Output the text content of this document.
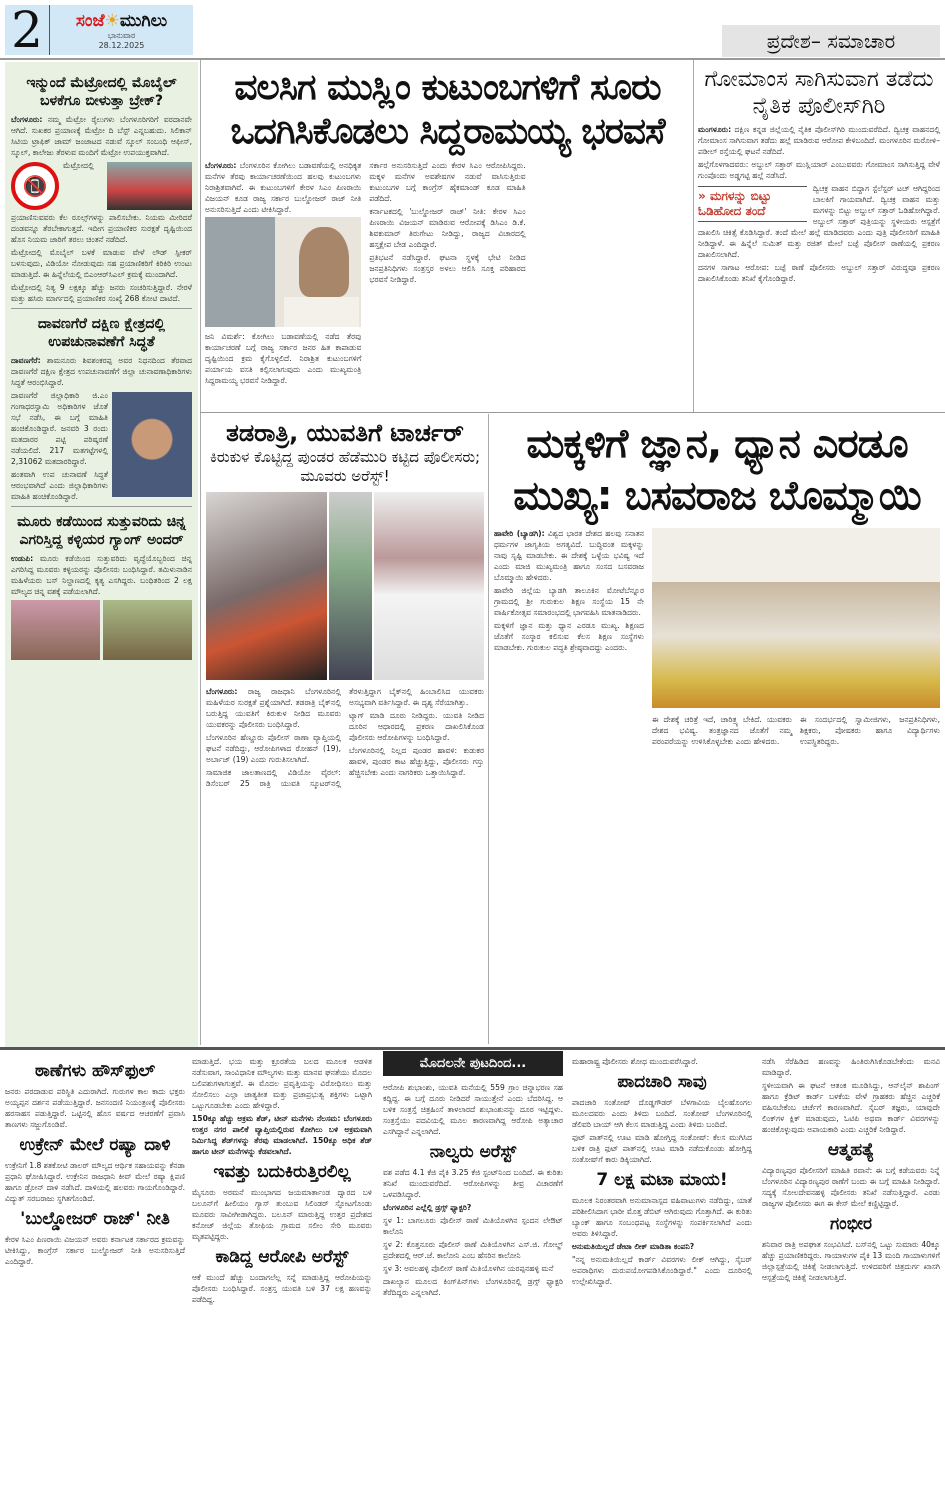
2	ಸಂಜೆ☀ಮುಗಿಲು
ಭಾನುವಾರ
28.12.2025	ಪ್ರದೇಶ– ಸಮಾಚಾರ
ಇನ್ಮುಂದೆ ಮೆಟ್ರೋದಲ್ಲಿ ಮೊಬೈಲ್ ಬಳಕೆಗೂ ಬೀಳುತ್ತಾ ಬ್ರೇಕ್?

ಬೆಂಗಳೂರು: ನಮ್ಮ ಮೆಟ್ರೋ ರೈಲುಗಳು ಬೆಂಗಳೂರಿಗರಿಗೆ ವರದಾನವೇ ಆಗಿದೆ. ಸುಖಕರ ಪ್ರಯಾಣಕ್ಕೆ ಮೆಟ್ರೋ ದಿ ಬೆಸ್ಟ್ ಎನ್ನಬಹುದು. ಸಿಲಿಕಾನ್ ಸಿಟಿಯ ಟ್ರಾಫಿಕ್ ಜಾಮ್ ಜಂಜಾಟದ ನಡುವೆ ಸ್ಕೂಲ್ ಸಂಬಂಧಿ ಆಫೀಸ್, ಸ್ಕೂಲ್, ಕಾಲೇಜು ತೆರಳುವ ಮಂದಿಗೆ ಮೆಟ್ರೋ ಉಪಯುಕ್ತವಾಗಿದೆ.

📵

ಮೆಟ್ರೋದಲ್ಲಿ ಪ್ರಯಾಣಿಸುವವರು ಕೆಲ ರೂಲ್ಸ್‌ಗಳನ್ನು ಪಾಲಿಸಬೇಕು. ನಿಯಮ ಮೀರಿದರೆ ದಂಡವನ್ನೂ ತೆರಬೇಕಾಗುತ್ತದೆ. ಇದೀಗ ಪ್ರಯಾಣಿಕರ ಸುರಕ್ಷತೆ ದೃಷ್ಟಿಯಿಂದ ಹೊಸ ನಿಯಮ ಜಾರಿಗೆ ತರಲು ಚಿಂತನೆ ನಡೆದಿದೆ.

ಮೆಟ್ರೋದಲ್ಲಿ ಮೊಬೈಲ್ ಬಳಕೆ ಮಾಡುವ ವೇಳೆ ಲೌಡ್ ಸ್ಪೀಕರ್ ಬಳಸುವುದು, ವಿಡಿಯೋ ನೋಡುವುದು ಸಹ ಪ್ರಯಾಣಿಕರಿಗೆ ಕಿರಿಕಿರಿ ಉಂಟು ಮಾಡುತ್ತಿದೆ. ಈ ಹಿನ್ನೆಲೆಯಲ್ಲಿ ಬಿಎಂಆರ್‌ಸಿಎಲ್ ಕ್ರಮಕ್ಕೆ ಮುಂದಾಗಿದೆ.

ಮೆಟ್ರೋದಲ್ಲಿ ನಿತ್ಯ 9 ಲಕ್ಷಕ್ಕೂ ಹೆಚ್ಚು ಜನರು ಸಂಚರಿಸುತ್ತಿದ್ದಾರೆ. ನೇರಳೆ ಮತ್ತು ಹಸಿರು ಮಾರ್ಗದಲ್ಲಿ ಪ್ರಯಾಣಿಕರ ಸಂಖ್ಯೆ 268 ಕೋಟಿ ದಾಟಿದೆ.

ದಾವಣಗೆರೆ ದಕ್ಷಿಣ ಕ್ಷೇತ್ರದಲ್ಲಿ ಉಪಚುನಾವಣೆಗೆ ಸಿದ್ಧತೆ

ದಾವಣಗೆರೆ: ಶಾಮನೂರು ಶಿವಶಂಕರಪ್ಪ ಅವರ ನಿಧನದಿಂದ ತೆರವಾದ ದಾವಣಗೆರೆ ದಕ್ಷಿಣ ಕ್ಷೇತ್ರದ ಉಪಚುನಾವಣೆಗೆ ಜಿಲ್ಲಾ ಚುನಾವಣಾಧಿಕಾರಿಗಳು ಸಿದ್ಧತೆ ಆರಂಭಿಸಿದ್ದಾರೆ.

ದಾವಣಗೆರೆ ಜಿಲ್ಲಾಧಿಕಾರಿ ಜಿ.ಎಂ ಗಂಗಾಧರಸ್ವಾಮಿ ಅಧಿಕಾರಿಗಳ ಜೊತೆ ಸಭೆ ನಡೆಸಿ, ಈ ಬಗ್ಗೆ ಮಾಹಿತಿ ಹಂಚಿಕೊಂಡಿದ್ದಾರೆ. ಜನವರಿ 3 ರಂದು ಮತದಾರರ ಪಟ್ಟಿ ಪರಿಷ್ಕರಣೆ ನಡೆಯಲಿದೆ. 217 ಮತಗಟ್ಟೆಗಳಲ್ಲಿ 2,31062 ಮತದಾರರಿದ್ದಾರೆ.

ಹಂತವಾಗಿ ಉಪ ಚುನಾವಣೆ ಸಿದ್ಧತೆ ಆರಂಭವಾಗಿದೆ ಎಂದು ಜಿಲ್ಲಾಧಿಕಾರಿಗಳು ಮಾಹಿತಿ ಹಂಚಿಕೊಂಡಿದ್ದಾರೆ.

ಮೂರು ಕಡೆಯಿಂದ ಸುತ್ತುವರಿದು ಚಿನ್ನ ಎಗರಿಸ್ತಿದ್ದ ಕಳ್ಳಿಯರ ಗ್ಯಾಂಗ್ ಅಂದರ್

ಉಡುಪಿ: ಮೂರು ಕಡೆಯಿಂದ ಸುತ್ತುವರಿದು ವೃದ್ಧೆಯೊಬ್ಬರಿಂದ ಚಿನ್ನ ಎಗರಿಸಿದ್ದ ಮೂವರು ಕಳ್ಳಿಯರನ್ನು ಪೊಲೀಸರು ಬಂಧಿಸಿದ್ದಾರೆ. ತಮಿಳುನಾಡಿನ ಮಹಿಳೆಯರು ಬಸ್ ನಿಲ್ದಾಣದಲ್ಲಿ ಕೃತ್ಯ ಎಸಗಿದ್ದರು. ಬಂಧಿತರಿಂದ 2 ಲಕ್ಷ ಮೌಲ್ಯದ ಚಿನ್ನ ವಶಕ್ಕೆ ಪಡೆಯಲಾಗಿದೆ.

ವಲಸಿಗ ಮುಸ್ಲಿಂ ಕುಟುಂಬಗಳಿಗೆ ಸೂರು
ಒದಗಿಸಿಕೊಡಲು ಸಿದ್ದರಾಮಯ್ಯ ಭರವಸೆ

ಬೆಂಗಳೂರು: ಬೆಂಗಳೂರಿನ ಕೋಗಿಲು ಬಡಾವಣೆಯಲ್ಲಿ ಅನಧಿಕೃತ ಮನೆಗಳ ತೆರವು ಕಾರ್ಯಾಚರಣೆಯಿಂದ ಹಲವು ಕುಟುಂಬಗಳು ನಿರಾಶ್ರಿತವಾಗಿವೆ. ಈ ಕುಟುಂಬಗಳಿಗೆ ಕೇರಳ ಸಿಎಂ ಪಿಣರಾಯಿ ವಿಜಯನ್ ಕೂಡ ರಾಜ್ಯ ಸರ್ಕಾರ ಬುಲ್ಡೋಜರ್ ರಾಜ್ ನೀತಿ ಅನುಸರಿಸುತ್ತಿದೆ ಎಂದು ಟೀಕಿಸಿದ್ದಾರೆ.

ಜನಿ ವಿಮರ್ಶೆ: ಕೋಗಿಲು ಬಡಾವಣೆಯಲ್ಲಿ ನಡೆದ ತೆರವು ಕಾರ್ಯಾಚರಣೆ ಬಗ್ಗೆ ರಾಜ್ಯ ಸರ್ಕಾರ ಜನರ ಹಿತ ಕಾಪಾಡುವ ದೃಷ್ಟಿಯಿಂದ ಕ್ರಮ ಕೈಗೊಳ್ಳಲಿದೆ. ನಿರಾಶ್ರಿತ ಕುಟುಂಬಗಳಿಗೆ ಪರ್ಯಾಯ ವಸತಿ ಕಲ್ಪಿಸಲಾಗುವುದು ಎಂದು ಮುಖ್ಯಮಂತ್ರಿ ಸಿದ್ದರಾಮಯ್ಯ ಭರವಸೆ ನೀಡಿದ್ದಾರೆ.

ಸರ್ಕಾರ ಅನುಸರಿಸುತ್ತಿದೆ ಎಂದು ಕೇರಳ ಸಿಎಂ ಆರೋಪಿಸಿದ್ದರು. ಮಕ್ಕಳ ಮನೆಗಳ ಅವಶೇಷಗಳ ನಡುವೆ ವಾಸಿಸುತ್ತಿರುವ ಕುಟುಂಬಗಳ ಬಗ್ಗೆ ಕಾಂಗ್ರೆಸ್ ಹೈಕಮಾಂಡ್ ಕೂಡ ಮಾಹಿತಿ ಪಡೆದಿದೆ.

ಕರ್ನಾಟಕದಲ್ಲಿ 'ಬುಲ್ಡೋಜರ್ ರಾಜ್' ನೀತಿ: ಕೇರಳ ಸಿಎಂ ಪಿಣರಾಯಿ ವಿಜಯನ್ ಮಾಡಿರುವ ಆರೋಪಕ್ಕೆ ಡಿಸಿಎಂ ಡಿ.ಕೆ. ಶಿವಕುಮಾರ್ ತಿರುಗೇಟು ನೀಡಿದ್ದು, ರಾಜ್ಯದ ವಿಚಾರದಲ್ಲಿ ಹಸ್ತಕ್ಷೇಪ ಬೇಡ ಎಂದಿದ್ದಾರೆ.

ಪ್ರತಿಭಟನೆ ನಡೆಸಿದ್ದಾರೆ. ಘಟನಾ ಸ್ಥಳಕ್ಕೆ ಭೇಟಿ ನೀಡಿದ ಜನಪ್ರತಿನಿಧಿಗಳು ಸಂತ್ರಸ್ತರ ಅಳಲು ಆಲಿಸಿ ಸೂಕ್ತ ಪರಿಹಾರದ ಭರವಸೆ ನೀಡಿದ್ದಾರೆ.

ಗೋಮಾಂಸ ಸಾಗಿಸುವಾಗ ತಡೆದು ನೈತಿಕ ಪೊಲೀಸ್‌ಗಿರಿ

ಮಂಗಳೂರು: ದಕ್ಷಿಣ ಕನ್ನಡ ಜಿಲ್ಲೆಯಲ್ಲಿ ನೈತಿಕ ಪೊಲೀಸ್‌ಗಿರಿ ಮುಂದುವರೆದಿದೆ. ದ್ವಿಚಕ್ರ ವಾಹನದಲ್ಲಿ ಗೋಮಾಂಸ ಸಾಗಿಸುವಾಗ ತಡೆದು ಹಲ್ಲೆ ಮಾಡಿರುವ ಆರೋಪ ಕೇಳಿಬಂದಿದೆ. ಮಂಗಳೂರಿನ ಮರೋಳಿ–ಪಡೀಲ್ ರಸ್ತೆಯಲ್ಲಿ ಘಟನೆ ನಡೆದಿದೆ.

ಹಲ್ಲೆಗೊಳಗಾದವರು: ಅಬ್ದುಲ್ ಸತ್ತಾರ್ ಮುಸ್ಲಿಯಾರ್ ಎಂಬುವವರು ಗೋಮಾಂಸ ಸಾಗಿಸುತ್ತಿದ್ದ ವೇಳೆ ಗುಂಪೊಂದು ಅಡ್ಡಗಟ್ಟಿ ಹಲ್ಲೆ ನಡೆಸಿದೆ.

» ಮಗಳನ್ನು ಬಿಟ್ಟು ಓಡಿಹೋದ ತಂದೆ

ದ್ವಿಚಕ್ರ ವಾಹನ ಬಿದ್ದಾಗ ಸ್ಟೆಲೆಸ್ಟರ್ ಟಚ್ ಆಗಿದ್ದರಿಂದ ಬಾಲಕಿಗೆ ಗಾಯವಾಗಿದೆ. ದ್ವಿಚಕ್ರ ವಾಹನ ಮತ್ತು ಮಗಳನ್ನು ಬಿಟ್ಟು ಅಬ್ದುಲ್ ಸತ್ತಾರ್ ಓಡಿಹೋಗಿದ್ದಾರೆ. ಅಬ್ದುಲ್ ಸತ್ತಾರ್ ಪುತ್ರಿಯನ್ನು ಸ್ಥಳೀಯರು ಆಸ್ಪತ್ರೆಗೆ ದಾಖಲಿಸಿ ಚಿಕಿತ್ಸೆ ಕೊಡಿಸಿದ್ದಾರೆ. ತಂದೆ ಮೇಲೆ ಹಲ್ಲೆ ಮಾಡಿದವರು ಎಂದು ಪುತ್ರಿ ಪೊಲೀಸರಿಗೆ ಮಾಹಿತಿ ನೀಡಿದ್ದಾಳೆ. ಈ ಹಿನ್ನೆಲೆ ಸುಮಿತ್ ಮತ್ತು ರಜಿತ್ ಮೇಲೆ ಬಜ್ಪೆ ಪೊಲೀಸ್ ಠಾಣೆಯಲ್ಲಿ ಪ್ರಕರಣ ದಾಖಲಿಸಲಾಗಿದೆ.

ದನಗಳ ಸಾಗಾಟ ಆರೋಪ: ಬಜ್ಪೆ ಠಾಣೆ ಪೊಲೀಸರು ಅಬ್ದುಲ್ ಸತ್ತಾರ್ ವಿರುದ್ಧವೂ ಪ್ರಕರಣ ದಾಖಲಿಸಿಕೊಂಡು ತನಿಖೆ ಕೈಗೊಂಡಿದ್ದಾರೆ.

ತಡರಾತ್ರಿ, ಯುವತಿಗೆ ಟಾರ್ಚರ್
ಕಿರುಕುಳ ಕೊಟ್ಟಿದ್ದ ಪುಂಡರ ಹೆಡೆಮುರಿ ಕಟ್ಟಿದ ಪೊಲೀಸರು; ಮೂವರು ಅರೆಸ್ಟ್!

ಬೆಂಗಳೂರು: ರಾಜ್ಯ ರಾಜಧಾನಿ ಬೆಂಗಳೂರಿನಲ್ಲಿ ಮಹಿಳೆಯರ ಸುರಕ್ಷತೆ ಪ್ರಶ್ನೆಯಾಗಿದೆ. ತಡರಾತ್ರಿ ಬೈಕ್‌ನಲ್ಲಿ ಬರುತ್ತಿದ್ದ ಯುವತಿಗೆ ಕಿರುಕುಳ ನೀಡಿದ ಮೂವರು ಯುವಕರನ್ನು ಪೊಲೀಸರು ಬಂಧಿಸಿದ್ದಾರೆ.

ಬೆಂಗಳೂರಿನ ಹೆಣ್ಣೂರು ಪೊಲೀಸ್ ಠಾಣಾ ವ್ಯಾಪ್ತಿಯಲ್ಲಿ ಘಟನೆ ನಡೆದಿದ್ದು, ಆರೋಪಿಗಳಾದ ರೋಹನ್ (19), ಅರ್ಬಾಜ್ (19) ಎಂದು ಗುರುತಿಸಲಾಗಿದೆ.

ಸಾಮಾಜಿಕ ಜಾಲತಾಣದಲ್ಲಿ ವಿಡಿಯೋ ವೈರಲ್: ಡಿಸೆಂಬರ್ 25 ರಾತ್ರಿ ಯುವತಿ ಸ್ಕೂಟರ್‌ನಲ್ಲಿ ತೆರಳುತ್ತಿದ್ದಾಗ ಬೈಕ್‌ನಲ್ಲಿ ಹಿಂಬಾಲಿಸಿದ ಯುವಕರು ಅಸಭ್ಯವಾಗಿ ವರ್ತಿಸಿದ್ದಾರೆ. ಈ ದೃಶ್ಯ ಸೆರೆಯಾಗಿತ್ತು.

ಟ್ಯಾಗ್ ಮಾಡಿ ದೂರು ನೀಡಿದ್ದರು. ಯುವತಿ ನೀಡಿದ ದೂರಿನ ಆಧಾರದಲ್ಲಿ ಪ್ರಕರಣ ದಾಖಲಿಸಿಕೊಂಡ ಪೊಲೀಸರು ಆರೋಪಿಗಳನ್ನು ಬಂಧಿಸಿದ್ದಾರೆ.

ಬೆಂಗಳೂರಿನಲ್ಲಿ ನಿಲ್ಲದ ಪುಂಡರ ಹಾವಳಿ: ಕುಡುಕರ ಹಾವಳಿ, ಪುಂಡರ ಕಾಟ ಹೆಚ್ಚುತ್ತಿದ್ದು, ಪೊಲೀಸರು ಗಸ್ತು ಹೆಚ್ಚಿಸಬೇಕು ಎಂದು ನಾಗರಿಕರು ಒತ್ತಾಯಿಸಿದ್ದಾರೆ.

ಮಕ್ಕಳಿಗೆ ಜ್ಞಾನ, ಧ್ಯಾನ ಎರಡೂ
ಮುಖ್ಯ: ಬಸವರಾಜ ಬೊಮ್ಮಾಯಿ

ಹಾವೇರಿ (ಬ್ಯಾಡಗಿ): ವಿಶ್ವದ ಭಾರತ ದೇಶದ ಹಲವು ಸನಾತನ ಧರ್ಮಗಳ ಜಾಗೃತಿಯ ಅಗತ್ಯವಿದೆ. ಬುದ್ಧಿವಂತ ಮಕ್ಕಳನ್ನು ನಾವು ಸೃಷ್ಟಿ ಮಾಡಬೇಕು. ಈ ದೇಶಕ್ಕೆ ಒಳ್ಳೆಯ ಭವಿಷ್ಯ ಇದೆ ಎಂದು ಮಾಜಿ ಮುಖ್ಯಮಂತ್ರಿ ಹಾಗೂ ಸಂಸದ ಬಸವರಾಜ ಬೊಮ್ಮಾಯಿ ಹೇಳಿದರು.

ಹಾವೇರಿ ಜಿಲ್ಲೆಯ ಬ್ಯಾಡಗಿ ತಾಲೂಕಿನ ಮೋಟೆಬೆನ್ನೂರ ಗ್ರಾಮದಲ್ಲಿ ಶ್ರೀ ಗುರುಕುಲ ಶಿಕ್ಷಣ ಸಂಸ್ಥೆಯ 15 ನೇ ವಾರ್ಷಿಕೋತ್ಸವ ಸಮಾರಂಭದಲ್ಲಿ ಭಾಗವಹಿಸಿ ಮಾತನಾಡಿದರು.

ಮಕ್ಕಳಿಗೆ ಜ್ಞಾನ ಮತ್ತು ಧ್ಯಾನ ಎರಡೂ ಮುಖ್ಯ. ಶಿಕ್ಷಣದ ಜೊತೆಗೆ ಸಂಸ್ಕಾರ ಕಲಿಸುವ ಕೆಲಸ ಶಿಕ್ಷಣ ಸಂಸ್ಥೆಗಳು ಮಾಡಬೇಕು. ಗುರುಕುಲ ಪದ್ಧತಿ ಶ್ರೇಷ್ಠವಾದದ್ದು ಎಂದರು.

ಈ ದೇಶಕ್ಕೆ ಚರಿತ್ರೆ ಇದೆ, ಚಾರಿತ್ರ್ಯ ಬೇಕಿದೆ. ಯುವಕರು ದೇಶದ ಭವಿಷ್ಯ. ತಂತ್ರಜ್ಞಾನದ ಜೊತೆಗೆ ನಮ್ಮ ಪರಂಪರೆಯನ್ನು ಉಳಿಸಿಕೊಳ್ಳಬೇಕು ಎಂದು ಹೇಳಿದರು.

ಈ ಸಂದರ್ಭದಲ್ಲಿ ಸ್ವಾಮೀಜಿಗಳು, ಜನಪ್ರತಿನಿಧಿಗಳು, ಶಿಕ್ಷಕರು, ಪೋಷಕರು ಹಾಗೂ ವಿದ್ಯಾರ್ಥಿಗಳು ಉಪಸ್ಥಿತರಿದ್ದರು.

ಠಾಣೆಗಳು ಹೌಸ್‌ಫುಲ್

ಜನರು ಪರದಾಡುವ ಪರಿಸ್ಥಿತಿ ಎದುರಾಗಿದೆ. ಗುರುಗಳ ಕಾಲ ಕಾದು ಭಕ್ತರು ಅಯ್ಯಪ್ಪನ ದರ್ಶನ ಪಡೆಯುತ್ತಿದ್ದಾರೆ. ಜನಸಂದಣಿ ನಿಯಂತ್ರಣಕ್ಕೆ ಪೊಲೀಸರು ಹರಸಾಹಸ ಪಡುತ್ತಿದ್ದಾರೆ. ಒಟ್ಟಿನಲ್ಲಿ ಹೊಸ ವರ್ಷದ ಆಚರಣೆಗೆ ಪ್ರವಾಸಿ ತಾಣಗಳು ಸಜ್ಜುಗೊಂಡಿವೆ.

ಉಕ್ರೇನ್ ಮೇಲೆ ರಷ್ಯಾ ದಾಳಿ

ಉಕ್ರೇನಿಗೆ 1.8 ಶತಕೋಟಿ ಡಾಲರ್ ಮೌಲ್ಯದ ಆರ್ಥಿಕ ಸಹಾಯವನ್ನು ಕೆನಡಾ ಪ್ರಧಾನಿ ಘೋಷಿಸಿದ್ದಾರೆ. ಉಕ್ರೇನಿನ ರಾಜಧಾನಿ ಕೀವ್ ಮೇಲೆ ರಷ್ಯಾ ಕ್ಷಿಪಣಿ ಹಾಗೂ ಡ್ರೋನ್ ದಾಳಿ ನಡೆಸಿದೆ. ದಾಳಿಯಲ್ಲಿ ಹಲವರು ಗಾಯಗೊಂಡಿದ್ದಾರೆ. ವಿದ್ಯುತ್ ಸರಬರಾಜು ಸ್ಥಗಿತಗೊಂಡಿದೆ.

'ಬುಲ್ಡೋಜರ್ ರಾಜ್' ನೀತಿ

ಕೇರಳ ಸಿಎಂ ಪಿಣರಾಯಿ ವಿಜಯನ್ ಅವರು ಕರ್ನಾಟಕ ಸರ್ಕಾರದ ಕ್ರಮವನ್ನು ಟೀಕಿಸಿದ್ದು, ಕಾಂಗ್ರೆಸ್ ಸರ್ಕಾರ ಬುಲ್ಡೋಜರ್ ನೀತಿ ಅನುಸರಿಸುತ್ತಿದೆ ಎಂದಿದ್ದಾರೆ.

ಮಾಡುತ್ತಿದೆ. ಭಯ ಮತ್ತು ಕ್ರೂರತೆಯ ಬಲದ ಮೂಲಕ ಆಡಳಿತ ನಡೆಸುವಾಗ, ಸಾಂವಿಧಾನಿಕ ಮೌಲ್ಯಗಳು ಮತ್ತು ಮಾನವ ಘನತೆಯು ಮೊದಲ ಬಲಿಪಶುಗಳಾಗುತ್ತವೆ. ಈ ಮೊದಲ ಪ್ರವೃತ್ತಿಯನ್ನು ವಿರೋಧಿಸಲು ಮತ್ತು ಸೋಲಿಸಲು ಎಲ್ಲಾ ಜಾತ್ಯತೀತ ಮತ್ತು ಪ್ರಜಾಪ್ರಭುತ್ವ ಶಕ್ತಿಗಳು ಒಟ್ಟಾಗಿ ಒಟ್ಟುಗೂಡಬೇಕು ಎಂದು ಹೇಳಿದ್ದಾರೆ.

150ಕ್ಕೂ ಹೆಚ್ಚು ಅಕ್ರಮ ಶೆಡ್, ಟೀನ್ ಮನೆಗಳು ನೆಲಸಮ: ಬೆಂಗಳೂರು ಉತ್ತರ ನಗರ ಪಾಲಿಕೆ ವ್ಯಾಪ್ತಿಯಲ್ಲಿರುವ ಕೋಗಿಲು ಬಳಿ ಅಕ್ರಮವಾಗಿ ನಿರ್ಮಿಸಿದ್ದ ಶೆಡ್‌ಗಳನ್ನು ತೆರವು ಮಾಡಲಾಗಿದೆ. 150ಕ್ಕೂ ಅಧಿಕ ಶೆಡ್ ಹಾಗೂ ಟೀನ್ ಮನೆಗಳನ್ನು ಕೆಡವಲಾಗಿದೆ.

ಇವತ್ತು ಬದುಕಿರುತ್ತಿರಲಿಲ್ಲ

ಮೈಸೂರು ಅರಮನೆ ಮುಂಭಾಗದ ಜಯಮಾರ್ತಾಂಡ ದ್ವಾರದ ಬಳಿ ಬಲೂನ್‌ಗೆ ಹೀಲಿಯಂ ಗ್ಯಾಸ್ ತುಂಬುವ ಸಿಲಿಂಡರ್ ಸ್ಫೋಟಗೊಂಡು ಮೂವರು ಸಾವೀಗೀಡಾಗಿದ್ದರು. ಬಲೂನ್ ಮಾರುತ್ತಿದ್ದ ಉತ್ತರ ಪ್ರದೇಶದ ಕನೋಜ್ ಜಿಲ್ಲೆಯ ತೋಫಿಯ ಗ್ರಾಮದ ಸಲೀಂ ಸೇರಿ ಮೂವರು ಮೃತಪಟ್ಟಿದ್ದರು.

ಕಾಡಿದ್ದ ಆರೋಪಿ ಅರೆಸ್ಟ್

ಆಕೆ ಮುಂದೆ ಹೆಚ್ಚು ಬಂದಾಗಲೆಲ್ಲ ಸನ್ನೆ ಮಾಡುತ್ತಿದ್ದ ಆರೋಪಿಯನ್ನು ಪೊಲೀಸರು ಬಂಧಿಸಿದ್ದಾರೆ. ಸಂತ್ರಸ್ತ ಯುವತಿ ಬಳಿ 37 ಲಕ್ಷ ಹಣವನ್ನು ಪಡೆದಿದ್ದ.

ಮೊದಲನೇ ಪುಟದಿಂದ...

ಆರೋಪಿ ಶುಭಾಂಶು, ಯುವತಿ ಮನೆಯಲ್ಲಿ 559 ಗ್ರಾಂ ಚಿನ್ನಾಭರಣ ಸಹ ಕದ್ದಿದ್ದ. ಈ ಬಗ್ಗೆ ದೂರು ನೀಡಿದರೆ ಸಾಯುತ್ತೇನೆ ಎಂದು ಬೆದರಿಸಿದ್ದ. ಆ ಬಳಿಕ ಸಂತ್ರಸ್ತೆ ಚಿತ್ರಹಿಂಸೆ ತಾಳಲಾರದೆ ಶುಭಾಂಶುನನ್ನು ದೂರ ಇಟ್ಟಿದ್ದಳು. ಸಂತ್ರಸ್ತೆಯು ಪದವಿಯಲ್ಲಿ ಮೂಲ ಕಾರಣವಾಗಿದ್ದ ಆರೋಪಿ ಅತ್ಯಾಚಾರ ಎಸಗಿದ್ದಾನೆ ಎನ್ನಲಾಗಿದೆ.

ನಾಲ್ವರು ಅರೆಸ್ಟ್

ವಶ ಪಡೆದ 4.1 ಕೆಜಿ ಪೈಕಿ 3.25 ಕೆಜಿ ಸ್ಟಂಟ್‌ನಿಂದ ಬಂದಿದೆ. ಈ ಕುರಿತು ತನಿಖೆ ಮುಂದುವರೆದಿದೆ. ಆರೋಪಿಗಳನ್ನು ತೀವ್ರ ವಿಚಾರಣೆಗೆ ಒಳಪಡಿಸಿದ್ದಾರೆ.

ಬೆಂಗಳೂರಿನ ಎಲ್ಲೆಲ್ಲಿ ಡ್ರಗ್ಸ್ ಫ್ಯಾಕ್ಟರಿ?

ಸ್ಥಳ 1: ಬಾಗಲೂರು ಪೊಲೀಸ್ ಠಾಣೆ ಮಿತಿಯೊಳಗಿನ ಸ್ಪಂದನ ಲೇಔಟ್ ಕಾಲೊನಿ

ಸ್ಥಳ 2: ಕೊತ್ತನೂರು ಪೊಲೀಸ್ ಠಾಣೆ ಮಿತಿಯೊಳಗಿನ ಎಸ್.ಜಿ. ಗೋಲ್ಡ್ ಪ್ರದೇಶದಲ್ಲಿ ಆರ್.ಜೆ. ಕಾಲೋನಿ ಎಂಬ ಹೆಸರಿನ ಕಾಲೋನಿ

ಸ್ಥಳ 3: ಅವಲಹಳ್ಳಿ ಪೊಲೀಸ್ ಠಾಣೆ ಮಿತಿಯೊಳಗಿನ ಯರಪ್ಪನಹಳ್ಳಿ ಮನೆ

ದಾಖಲ್ಯಾನ ಮೂಲದ ಕಿಂಗ್‌ಪಿನ್‌ಗಳು ಬೆಂಗಳೂರಿನಲ್ಲಿ ಡ್ರಗ್ಸ್ ಫ್ಯಾಕ್ಟರಿ ತೆರೆದಿದ್ದರು ಎನ್ನಲಾಗಿದೆ.

ಮಹಾರಾಷ್ಟ್ರ ಪೊಲೀಸರು ಶೋಧ ಮುಂದುವರೆಸಿದ್ದಾರೆ.

ಪಾದಚಾರಿ ಸಾವು

ಪಾದಚಾರಿ ಸಂತೋಷ್ ದೊಡ್ಡಗೌಡರ್ ಬೆಳಗಾವಿಯ ಬೈಲಹೊಂಗಲ ಮೂಲದವರು ಎಂದು ತಿಳಿದು ಬಂದಿದೆ. ಸಂತೋಷ್ ಬೆಂಗಳೂರಿನಲ್ಲಿ ಡೆಲಿವರಿ ಬಾಯ್ ಆಗಿ ಕೆಲಸ ಮಾಡುತ್ತಿದ್ದ ಎಂದು ತಿಳಿದು ಬಂದಿದೆ.

ಫುಟ್ ಪಾತ್‌ನಲ್ಲಿ ಊಟ ಮಾಡಿ ಹೋಗ್ತಿದ್ದ ಸಂತೋಷ್: ಕೆಲಸ ಮುಗಿಸಿದ ಬಳಿಕ ರಾತ್ರಿ ಫುಟ್ ಪಾತ್‌ನಲ್ಲಿ ಊಟ ಮಾಡಿ ನಡೆದುಕೊಂಡು ಹೋಗ್ತಿದ್ದ ಸಂತೋಷ್‌ಗೆ ಕಾರು ಡಿಕ್ಕಿಯಾಗಿದೆ.

7 ಲಕ್ಷ ಮಟಾ ಮಾಯ!

ಮೂಲಕ ನಿರಂತರವಾಗಿ ಅನುಮಾನಾಸ್ಪದ ವಹಿವಾಟುಗಳು ನಡೆದಿದ್ದು, ಯಾತೆ ಪರಿಶೀಲಿಸಿದಾಗ ಭಾರೀ ಮೊತ್ತ ಡೆಬಿಟ್ ಆಗಿರುವುದು ಗೊತ್ತಾಗಿದೆ. ಈ ಕುರಿತು ಬ್ಯಾಂಕ್ ಹಾಗೂ ಸಂಬಂಧಪಟ್ಟ ಸಂಸ್ಥೆಗಳನ್ನು ಸಂಪರ್ಕಿಸಲಾಗಿದೆ ಎಂದು ಅವರು ತಿಳಿಸಿದ್ದಾರೆ.

ಅನುಮತಿಯಿಲ್ಲದೆ ಡೇಟಾ ಲೀಕ್ ಮಾಡಿತಾ ಕಂಪನಿ?

"ನನ್ನ ಅನುಮತಿಯಿಲ್ಲದೆ ಕಾರ್ಡ್ ವಿವರಗಳು ಲೀಕ್ ಆಗಿದ್ದು, ಸೈಬರ್ ಅಪರಾಧಿಗಳು ದುರುಪಯೋಗಪಡಿಸಿಕೊಂಡಿದ್ದಾರೆ." ಎಂದು ದೂರಿನಲ್ಲಿ ಉಲ್ಲೇಖಿಸಿದ್ದಾರೆ.

ನಡೆಸಿ ಸೆರೆಹಿಡಿದ ಹಣವನ್ನು ಹಿಂತಿರುಗಿಸಿಕೊಡಬೇಕೆಂದು ಮನವಿ ಮಾಡಿದ್ದಾರೆ.

ಸ್ಥಳೀಯವಾಗಿ ಈ ಘಟನೆ ಆತಂಕ ಮೂಡಿಸಿದ್ದು, ಆನ್‌ಲೈನ್ ಶಾಪಿಂಗ್ ಹಾಗೂ ಕ್ರೆಡಿಟ್ ಕಾರ್ಡ್ ಬಳಕೆಯ ವೇಳೆ ಗ್ರಾಹಕರು ಹೆಚ್ಚಿನ ಎಚ್ಚರಿಕೆ ವಹಿಸಬೇಕೆಂಬ ಚರ್ಚೆಗೆ ಕಾರಣವಾಗಿದೆ. ಸೈಬರ್ ತಜ್ಞರು, ಯಾವುದೇ ಲಿಂಕ್‌ಗಳ ಕ್ಲಿಕ್ ಮಾಡುವುದು, ಓಟಿಪಿ ಅಥವಾ ಕಾರ್ಡ್ ವಿವರಗಳನ್ನು ಹಂಚಿಕೊಳ್ಳುವುದು ಅಪಾಯಕಾರಿ ಎಂದು ಎಚ್ಚರಿಕೆ ನೀಡಿದ್ದಾರೆ.

ಆತ್ಮಹತ್ಯೆ

ವಿದ್ಯಾರಣ್ಯಪುರ ಪೊಲೀಸರಿಗೆ ಮಾಹಿತಿ ರವಾನೆ: ಈ ಬಗ್ಗೆ ಕಡೆಯವರು ನಿನ್ನೆ ಬೆಂಗಳೂರಿನ ವಿದ್ಯಾರಣ್ಯಪುರ ಠಾಣೆಗೆ ಬಂದು ಈ ಬಗ್ಗೆ ಮಾಹಿತಿ ನೀಡಿದ್ದಾರೆ. ಸದ್ಯಕ್ಕೆ ಸೋಲದೇವನಹಳ್ಳಿ ಪೊಲೀಸರು ತನಿಖೆ ನಡೆಸುತ್ತಿದ್ದಾರೆ. ಎರಡು ರಾಜ್ಯಗಳ ಪೊಲೀಸರು ಈಗ ಈ ಕೇಸ್ ಮೇಲೆ ಕಣ್ಣಿಟ್ಟಿದ್ದಾರೆ.

ಗಂಭೀರ

ಶನಿವಾರ ರಾತ್ರಿ ಅಪಘಾತ ಸಂಭವಿಸಿದೆ. ಬಸ್‌ನಲ್ಲಿ ಒಟ್ಟು ಸುಮಾರು 40ಕ್ಕೂ ಹೆಚ್ಚು ಪ್ರಯಾಣಿಕರಿದ್ದರು. ಗಾಯಾಳುಗಳ ಪೈಕಿ 13 ಮಂದಿ ಗಾಯಾಳುಗಳಿಗೆ ಜಿಲ್ಲಾಸ್ಪತ್ರೆಯಲ್ಲಿ ಚಿಕಿತ್ಸೆ ನೀಡಲಾಗುತ್ತಿದೆ. ಉಳಿದವರಿಗೆ ಚಿತ್ರದುರ್ಗ ಖಾಸಗಿ ಆಸ್ಪತ್ರೆಯಲ್ಲಿ ಚಿಕಿತ್ಸೆ ನೀಡಲಾಗುತ್ತಿದೆ.
